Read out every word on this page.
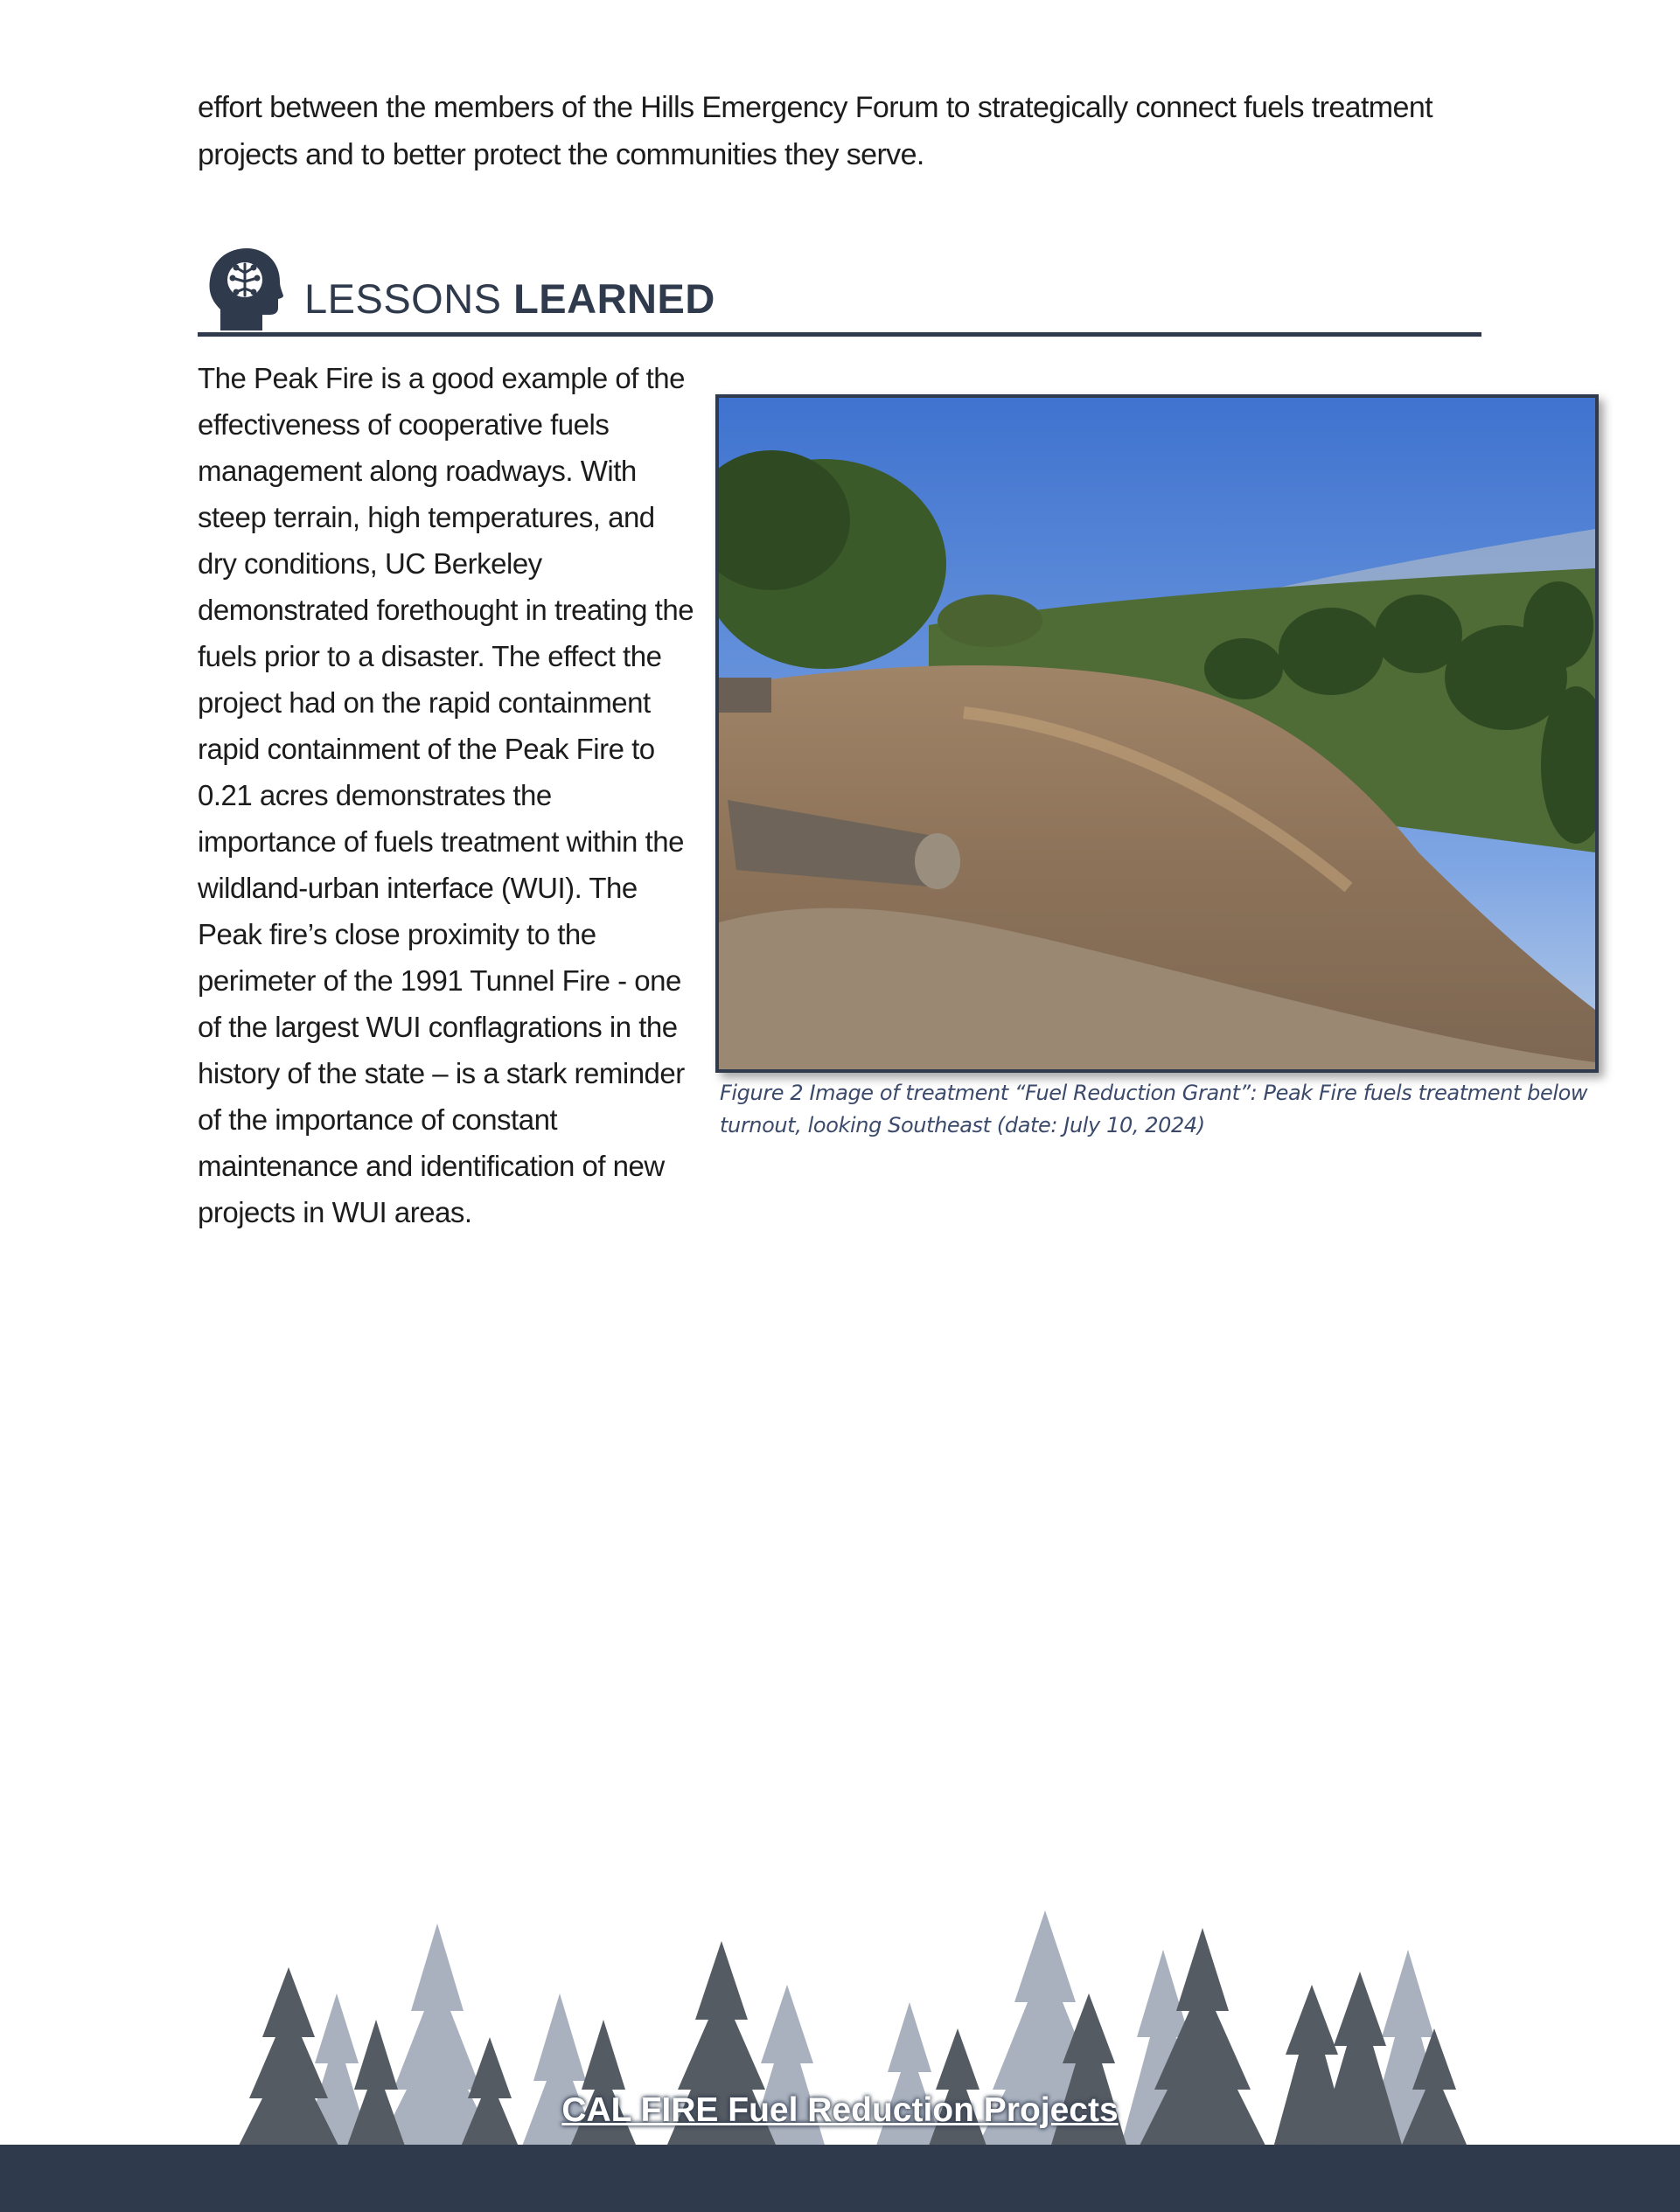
effort between the members of the Hills Emergency Forum to strategically connect fuels treatment projects and to better protect the communities they serve.

LESSONS LEARNED

The Peak Fire is a good example of the effectiveness of cooperative fuels management along roadways. With steep terrain, high temperatures, and dry conditions, UC Berkeley demonstrated forethought in treating the fuels prior to a disaster. The effect the project had on the rapid containment rapid containment of the Peak Fire to 0.21 acres demonstrates the importance of fuels treatment within the wildland-urban interface (WUI). The Peak fire’s close proximity to the perimeter of the 1991 Tunnel Fire - one of the largest WUI conflagrations in the history of the state – is a stark reminder of the importance of constant maintenance and identification of new projects in WUI areas.

Figure 2 Image of treatment “Fuel Reduction Grant”: Peak Fire fuels treatment below turnout, looking Southeast (date: July 10, 2024)

CAL FIRE Fuel Reduction Projects
